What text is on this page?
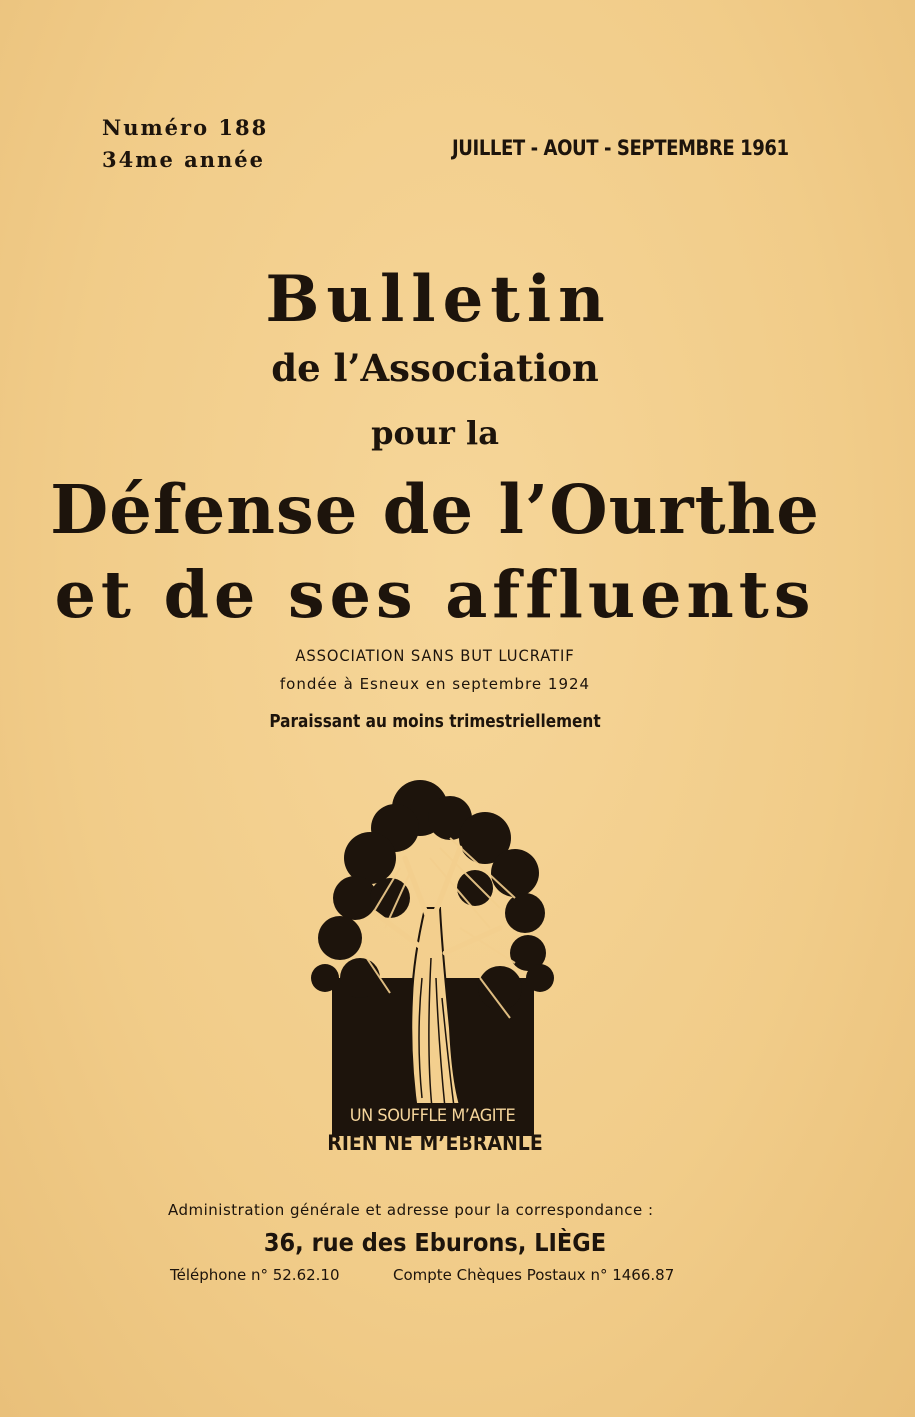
Numéro 188
34me année	JUILLET - AOUT - SEPTEMBRE 1961
Bulletin
de l’Association
pour la
Défense de l’Ourthe
et de ses affluents
ASSOCIATION SANS BUT LUCRATIF
fondée à Esneux en septembre 1924
Paraissant au moins trimestriellement
UN SOUFFLE M’AGITE
RIEN NE M’EBRANLE
Administration générale et adresse pour la correspondance :
36, rue des Eburons, LIÈGE
Téléphone n° 52.62.10	Compte Chèques Postaux n° 1466.87
